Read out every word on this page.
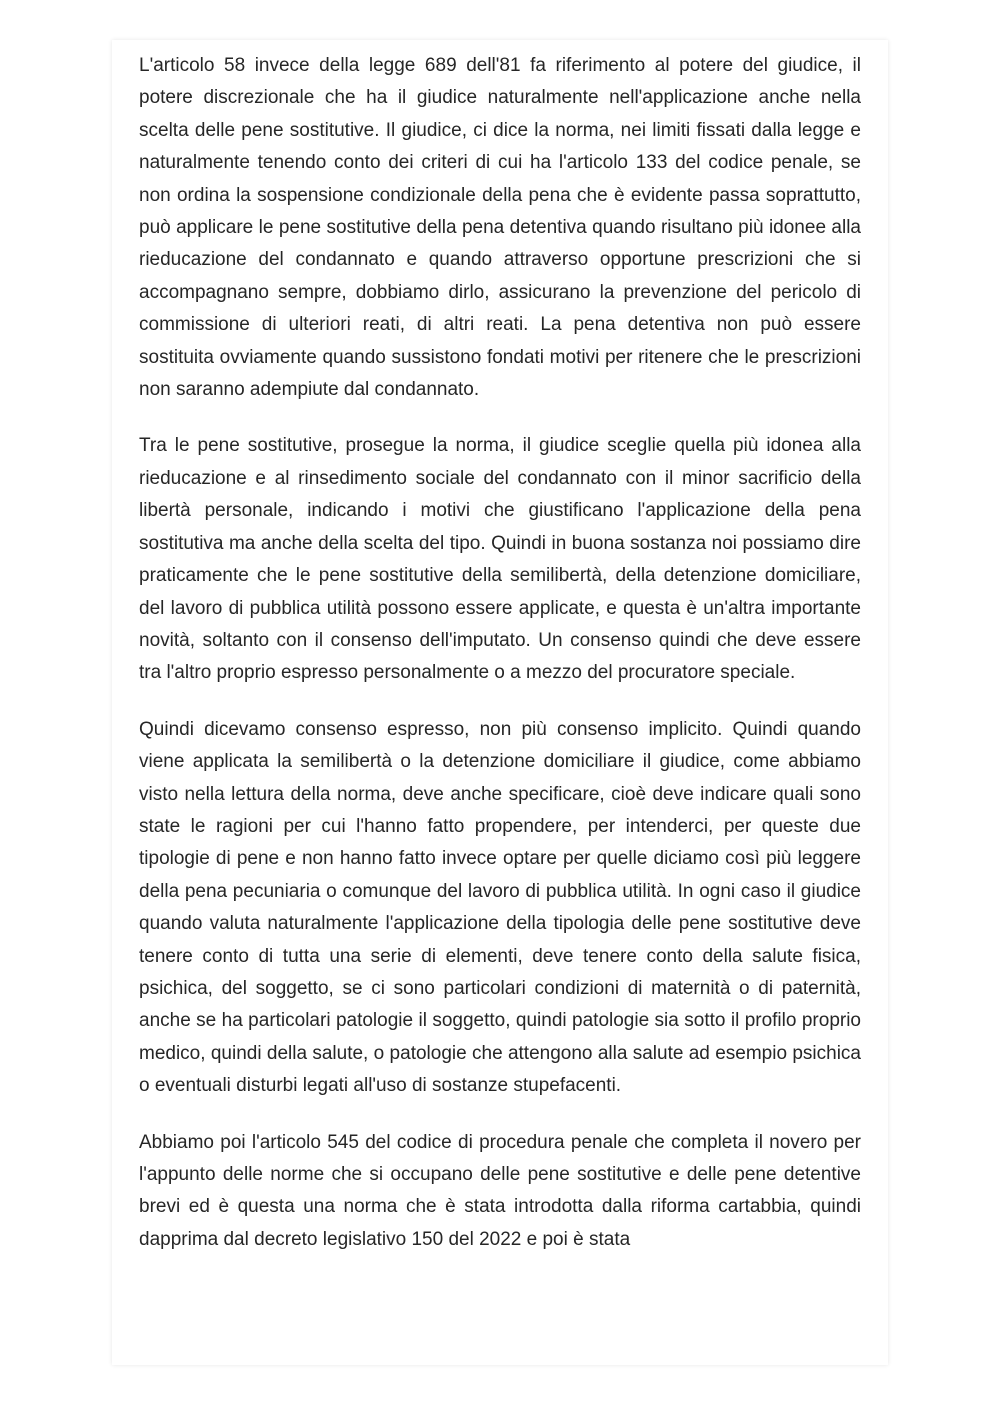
L'articolo 58 invece della legge 689 dell'81 fa riferimento al potere del giudice, il potere discrezionale che ha il giudice naturalmente nell'applicazione anche nella scelta delle pene sostitutive. Il giudice, ci dice la norma, nei limiti fissati dalla legge e naturalmente tenendo conto dei criteri di cui ha l'articolo 133 del codice penale, se non ordina la sospensione condizionale della pena che è evidente passa soprattutto, può applicare le pene sostitutive della pena detentiva quando risultano più idonee alla rieducazione del condannato e quando attraverso opportune prescrizioni che si accompagnano sempre, dobbiamo dirlo, assicurano la prevenzione del pericolo di commissione di ulteriori reati, di altri reati. La pena detentiva non può essere sostituita ovviamente quando sussistono fondati motivi per ritenere che le prescrizioni non saranno adempiute dal condannato.

Tra le pene sostitutive, prosegue la norma, il giudice sceglie quella più idonea alla rieducazione e al rinsedimento sociale del condannato con il minor sacrificio della libertà personale, indicando i motivi che giustificano l'applicazione della pena sostitutiva ma anche della scelta del tipo. Quindi in buona sostanza noi possiamo dire praticamente che le pene sostitutive della semilibertà, della detenzione domiciliare, del lavoro di pubblica utilità possono essere applicate, e questa è un'altra importante novità, soltanto con il consenso dell'imputato. Un consenso quindi che deve essere tra l'altro proprio espresso personalmente o a mezzo del procuratore speciale.

Quindi dicevamo consenso espresso, non più consenso implicito. Quindi quando viene applicata la semilibertà o la detenzione domiciliare il giudice, come abbiamo visto nella lettura della norma, deve anche specificare, cioè deve indicare quali sono state le ragioni per cui l'hanno fatto propendere, per intenderci, per queste due tipologie di pene e non hanno fatto invece optare per quelle diciamo così più leggere della pena pecuniaria o comunque del lavoro di pubblica utilità. In ogni caso il giudice quando valuta naturalmente l'applicazione della tipologia delle pene sostitutive deve tenere conto di tutta una serie di elementi, deve tenere conto della salute fisica, psichica, del soggetto, se ci sono particolari condizioni di maternità o di paternità, anche se ha particolari patologie il soggetto, quindi patologie sia sotto il profilo proprio medico, quindi della salute, o patologie che attengono alla salute ad esempio psichica o eventuali disturbi legati all'uso di sostanze stupefacenti.

Abbiamo poi l'articolo 545 del codice di procedura penale che completa il novero per l'appunto delle norme che si occupano delle pene sostitutive e delle pene detentive brevi ed è questa una norma che è stata introdotta dalla riforma cartabbia, quindi dapprima dal decreto legislativo 150 del 2022 e poi è stata
